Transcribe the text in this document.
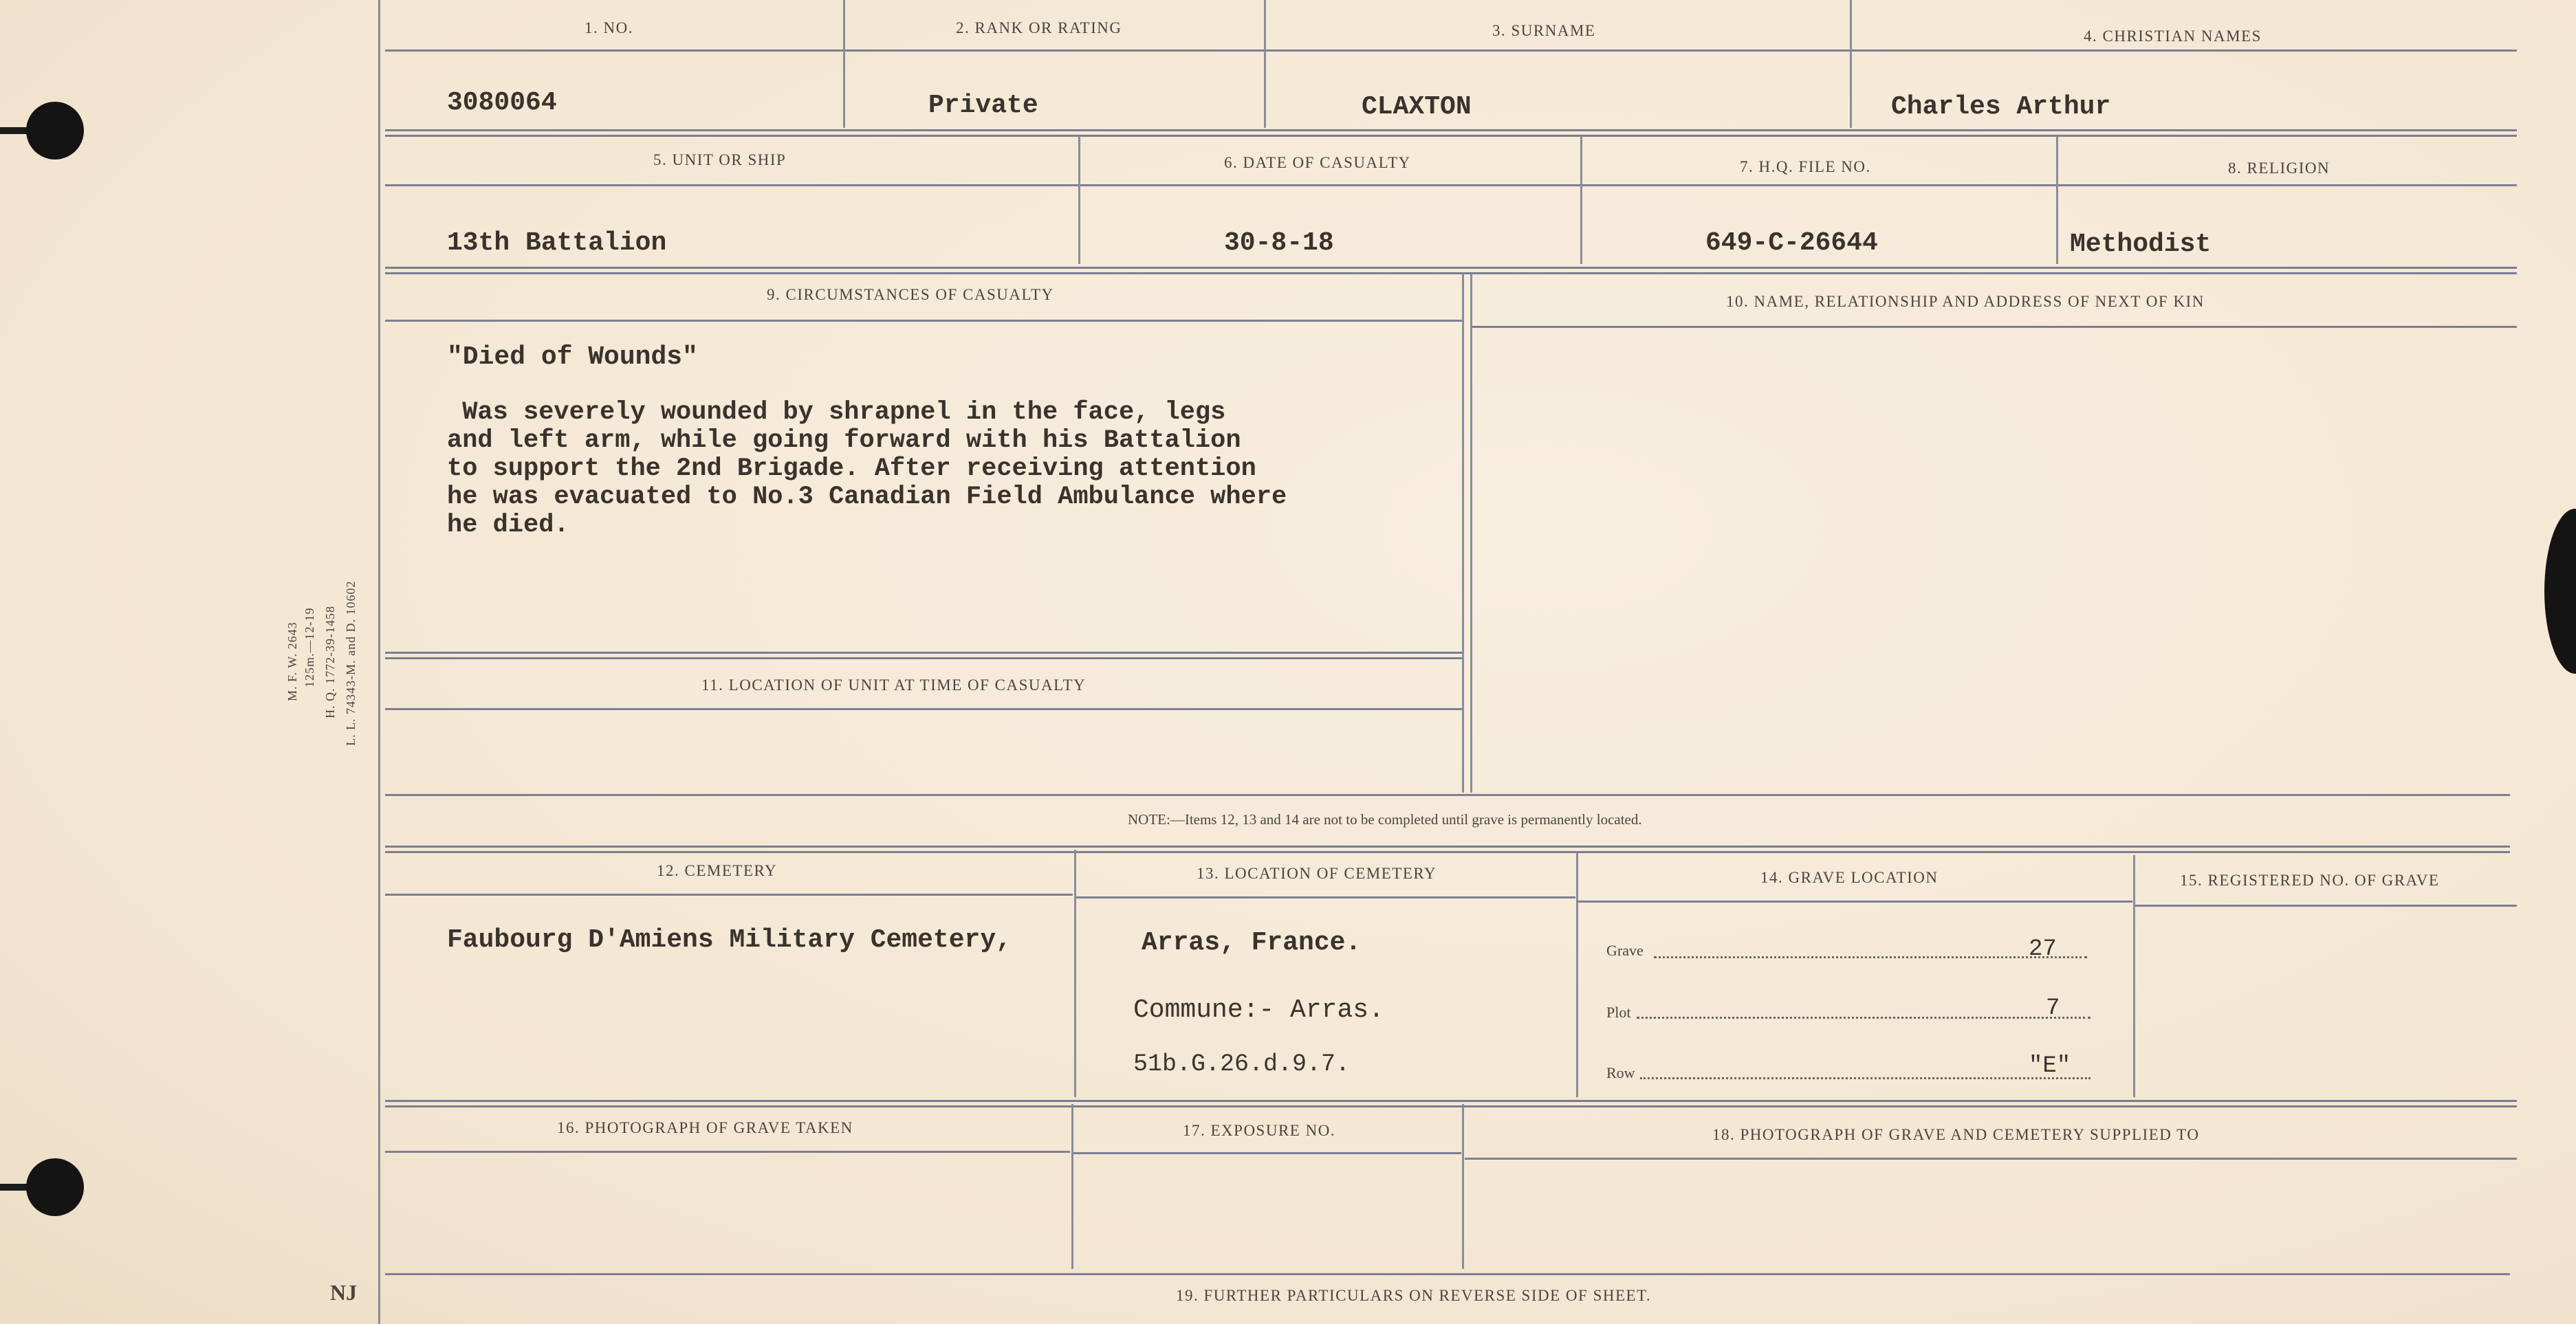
M. F. W. 2643 125m.—12-19 H. Q. 1772-39-1458 L. L. 74343-M. and D. 10602
NJ
1. NO.	2. RANK OR RATING	3. SURNAME	4. CHRISTIAN NAMES
3080064	Private	CLAXTON	Charles Arthur
5. UNIT OR SHIP	6. DATE OF CASUALTY	7. H.Q. FILE NO.	8. RELIGION
13th Battalion	30-8-18	649-C-26644	Methodist
9. CIRCUMSTANCES OF CASUALTY	10. NAME, RELATIONSHIP AND ADDRESS OF NEXT OF KIN
11. LOCATION OF UNIT AT TIME OF CASUALTY
"Died of Wounds"
Was severely wounded by shrapnel in the face, legs
and left arm, while going forward with his Battalion
to support the 2nd Brigade. After receiving attention
he was evacuated to No.3 Canadian Field Ambulance where
he died.
NOTE:—Items 12, 13 and 14 are not to be completed until grave is permanently located.
12. CEMETERY	13. LOCATION OF CEMETERY	14. GRAVE LOCATION	15. REGISTERED NO. OF GRAVE
Faubourg D'Amiens Military Cemetery,	Arras, France.
Commune:- Arras.
51b.G.26.d.9.7.
Grave	27
Plot	7
Row	"E"
16. PHOTOGRAPH OF GRAVE TAKEN	17. EXPOSURE NO.	18. PHOTOGRAPH OF GRAVE AND CEMETERY SUPPLIED TO
19. FURTHER PARTICULARS ON REVERSE SIDE OF SHEET.
